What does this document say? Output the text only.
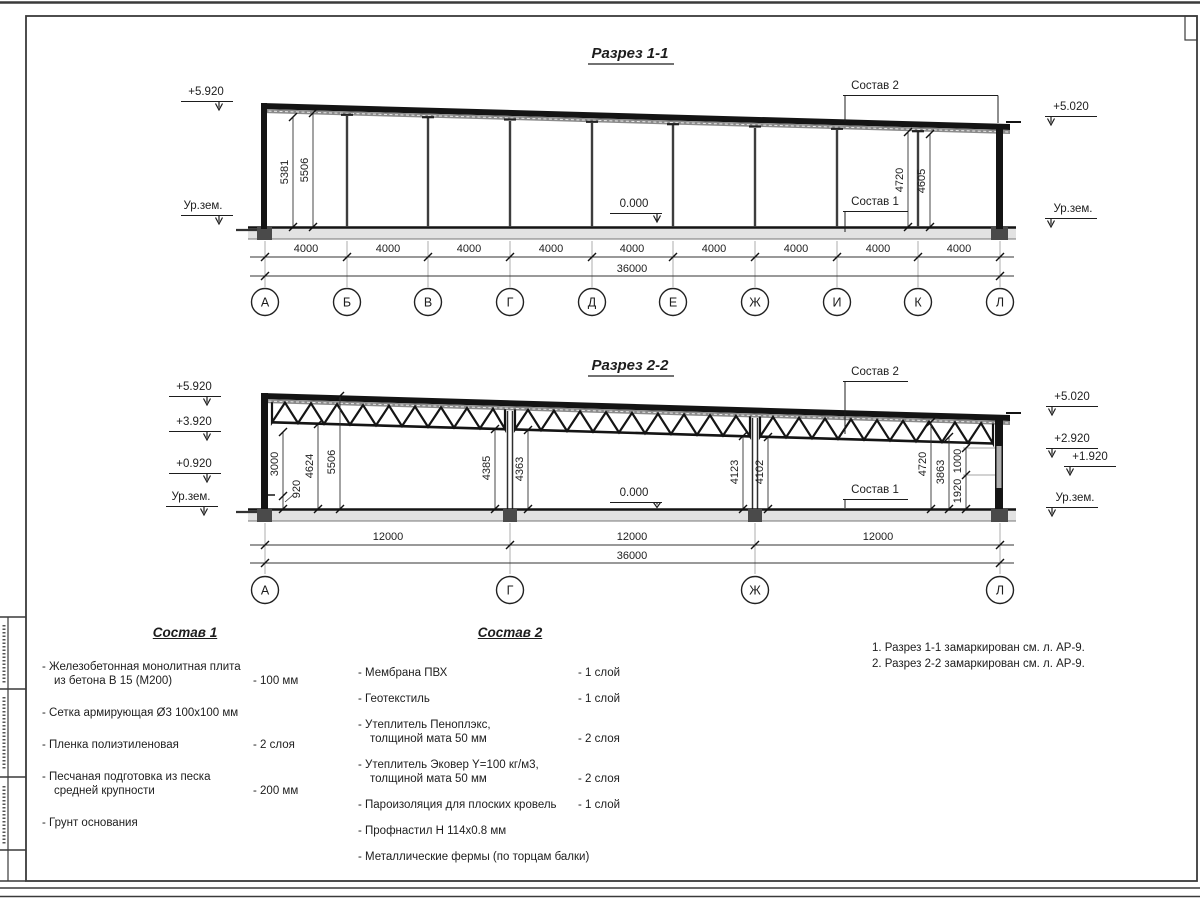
Разрез 1-1
5381 5506	4720 4605
0.000
+5.920
Ур.зем.
+5.020
Ур.зем.
Состав 2
Состав 1
4000	4000	4000	4000	4000	4000	4000	4000	4000
36000
А	Б	В	Г	Д	Е	Ж	И	К	Л
Разрез 2-2
3000
920
4624 5506	4385 4363	4123 4102	4720 3863 1000
1920
0.000
+5.920
+3.920
+0.920
Ур.зем.
+5.020
+2.920
+1.920
Ур.зем.
Состав 2
Состав 1
12000	12000	12000
36000
А	Г	Ж	Л
Состав 1
- Железобетонная монолитная плита
из бетона В 15 (М200)	- 100 мм
- Сетка армирующая Ø3 100x100 мм
- Пленка полиэтиленовая	- 2 слоя
- Песчаная подготовка из песка
средней крупности	- 200 мм
- Грунт основания
Состав 2
- Мембрана ПВХ	- 1 слой
- Геотекстиль	- 1 слой
- Утеплитель Пеноплэкс,
толщиной мата 50 мм	- 2 слоя
- Утеплитель Эковер Y=100 кг/м3,
толщиной мата 50 мм	- 2 слоя
- Пароизоляция для плоских кровель	- 1 слой
- Профнастил Н 114х0.8 мм
- Металлические фермы (по торцам балки)
1. Разрез 1-1 замаркирован см. л. АР-9.
2. Разрез 2-2 замаркирован см. л. АР-9.
